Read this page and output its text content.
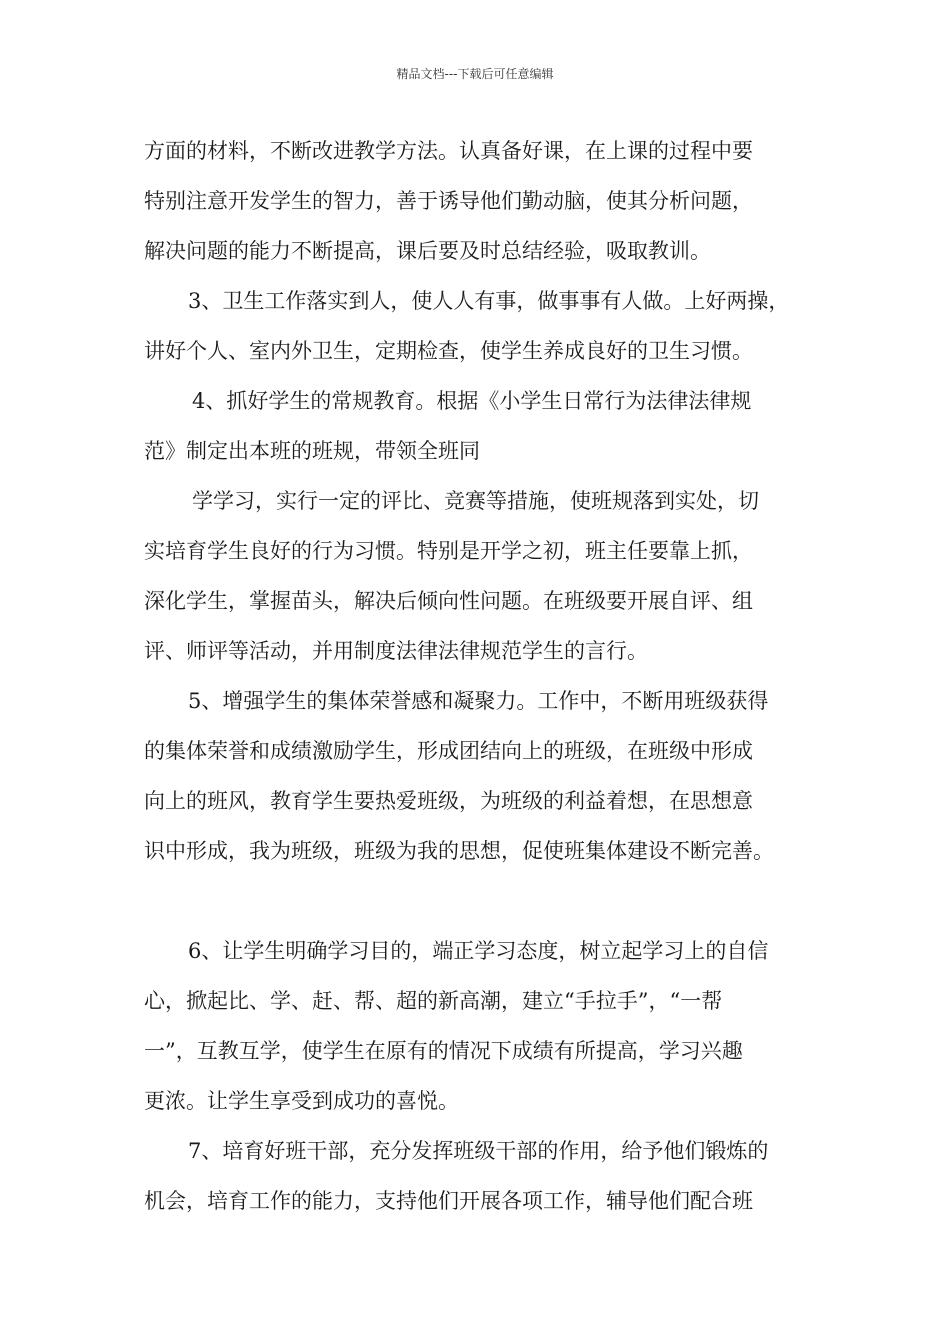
精品文档---下载后可任意编辑
方面的材料，不断改进教学方法。认真备好课，在上课的过程中要
特别注意开发学生的智力，善于诱导他们勤动脑，使其分析问题，
解决问题的能力不断提高，课后要及时总结经验，吸取教训。
3、卫生工作落实到人，使人人有事，做事事有人做。上好两操，
讲好个人、室内外卫生，定期检查，使学生养成良好的卫生习惯。
4、抓好学生的常规教育。根据《小学生日常行为法律法律规
范》制定出本班的班规，带领全班同
学学习，实行一定的评比、竞赛等措施，使班规落到实处，切
实培育学生良好的行为习惯。特别是开学之初，班主任要靠上抓，
深化学生，掌握苗头，解决后倾向性问题。在班级要开展自评、组
评、师评等活动，并用制度法律法律规范学生的言行。
5、增强学生的集体荣誉感和凝聚力。工作中，不断用班级获得
的集体荣誉和成绩激励学生，形成团结向上的班级，在班级中形成
向上的班风，教育学生要热爱班级，为班级的利益着想，在思想意
识中形成，我为班级，班级为我的思想，促使班集体建设不断完善。
6、让学生明确学习目的，端正学习态度，树立起学习上的自信
心，掀起比、学、赶、帮、超的新高潮，建立“手拉手”，“一帮
一”，互教互学，使学生在原有的情况下成绩有所提高，学习兴趣
更浓。让学生享受到成功的喜悦。
7、培育好班干部，充分发挥班级干部的作用，给予他们锻炼的
机会，培育工作的能力，支持他们开展各项工作，辅导他们配合班
